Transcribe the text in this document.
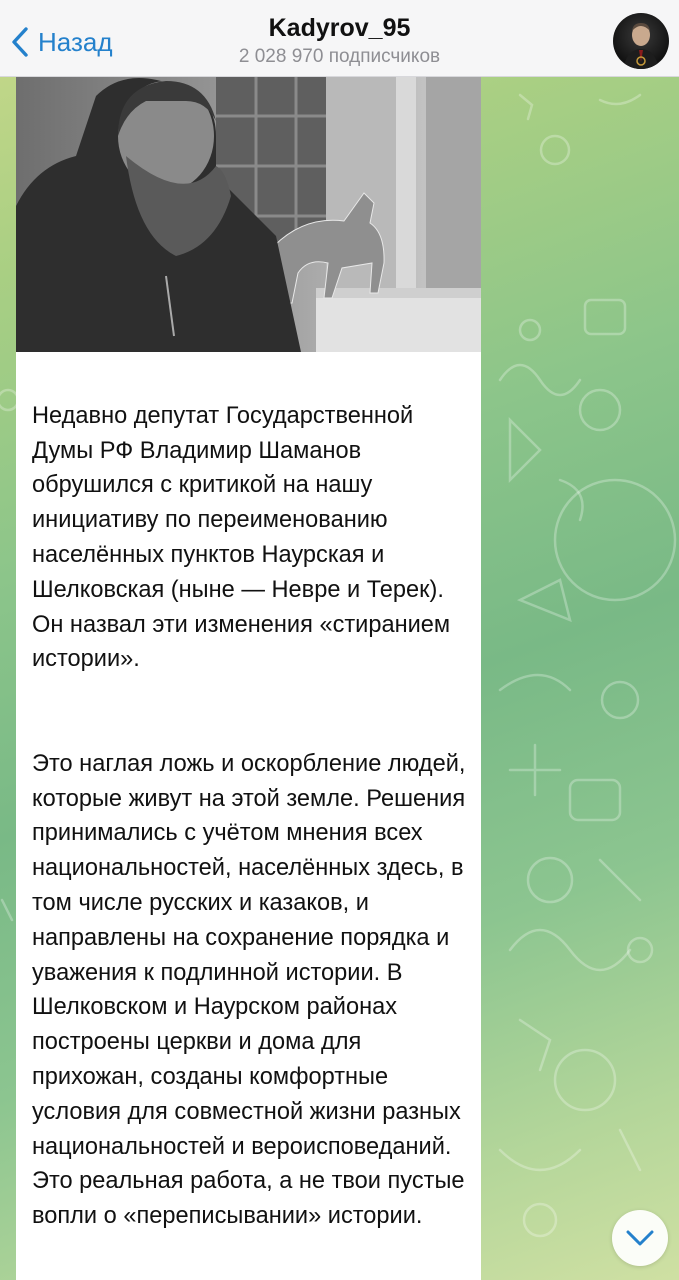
Назад	Kadyrov_95
2 028 970 подписчиков

Недавно депутат Государственной Думы РФ Владимир Шаманов обрушился с критикой на нашу инициативу по переименованию населённых пунктов Наурская и Шелковская (ныне — Невре и Терек). Он назвал эти изменения «стиранием истории».

Это наглая ложь и оскорбление людей, которые живут на этой земле. Решения принимались с учётом мнения всех национальностей, населённых здесь, в том числе русских и казаков, и направлены на сохранение порядка и уважения к подлинной истории. В Шелковском и Наурском районах построены церкви и дома для прихожан, созданы комфортные условия для совместной жизни разных национальностей и вероисповеданий. Это реальная работа, а не твои пустые вопли о «переписывании» истории.
